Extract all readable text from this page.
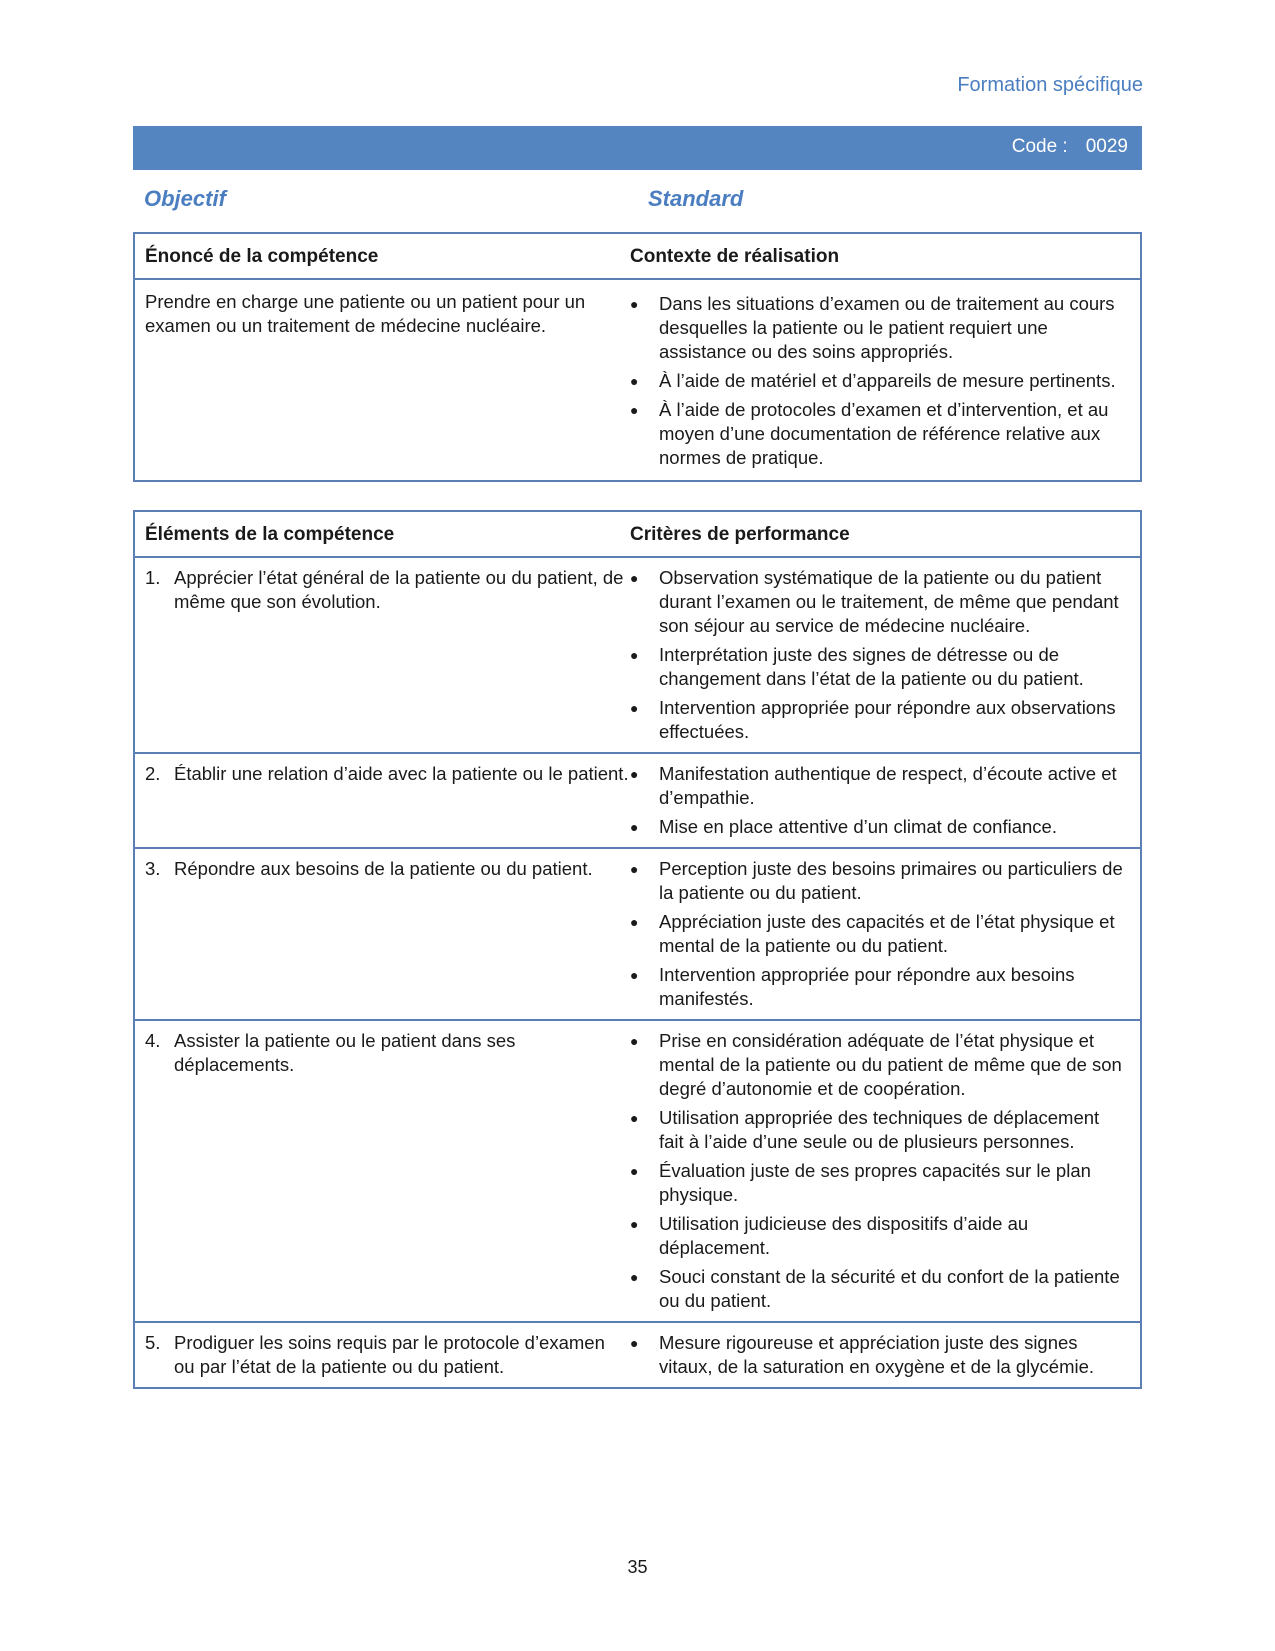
Formation spécifique
Code : 0029
Objectif	Standard
Énoncé de la compétence	Contexte de réalisation
Prendre en charge une patiente ou un patient pour un examen ou un traitement de médecine nucléaire.
●	Dans les situations d’examen ou de traitement au cours desquelles la patiente ou le patient requiert une assistance ou des soins appropriés.
●	À l’aide de matériel et d’appareils de mesure pertinents.
●	À l’aide de protocoles d’examen et d’intervention, et au moyen d’une documentation de référence relative aux normes de pratique.
Éléments de la compétence	Critères de performance
1. Apprécier l’état général de la patiente ou du patient, de même que son évolution.
●	Observation systématique de la patiente ou du patient durant l’examen ou le traitement, de même que pendant son séjour au service de médecine nucléaire.
●	Interprétation juste des signes de détresse ou de changement dans l’état de la patiente ou du patient.
●	Intervention appropriée pour répondre aux observations effectuées.
2. Établir une relation d’aide avec la patiente ou le patient. ●	Manifestation authentique de respect, d’écoute active et d’empathie.
●	Mise en place attentive d’un climat de confiance.
3. Répondre aux besoins de la patiente ou du patient.	●	Perception juste des besoins primaires ou particuliers de la patiente ou du patient.
●	Appréciation juste des capacités et de l’état physique et mental de la patiente ou du patient.
●	Intervention appropriée pour répondre aux besoins manifestés.
4. Assister la patiente ou le patient dans ses déplacements.
●	Prise en considération adéquate de l’état physique et mental de la patiente ou du patient de même que de son degré d’autonomie et de coopération.
●	Utilisation appropriée des techniques de déplacement fait à l’aide d’une seule ou de plusieurs personnes.
●	Évaluation juste de ses propres capacités sur le plan physique.
●	Utilisation judicieuse des dispositifs d’aide au déplacement.
●	Souci constant de la sécurité et du confort de la patiente ou du patient.
5. Prodiguer les soins requis par le protocole d’examen ou par l’état de la patiente ou du patient.
●	Mesure rigoureuse et appréciation juste des signes vitaux, de la saturation en oxygène et de la glycémie.
35
